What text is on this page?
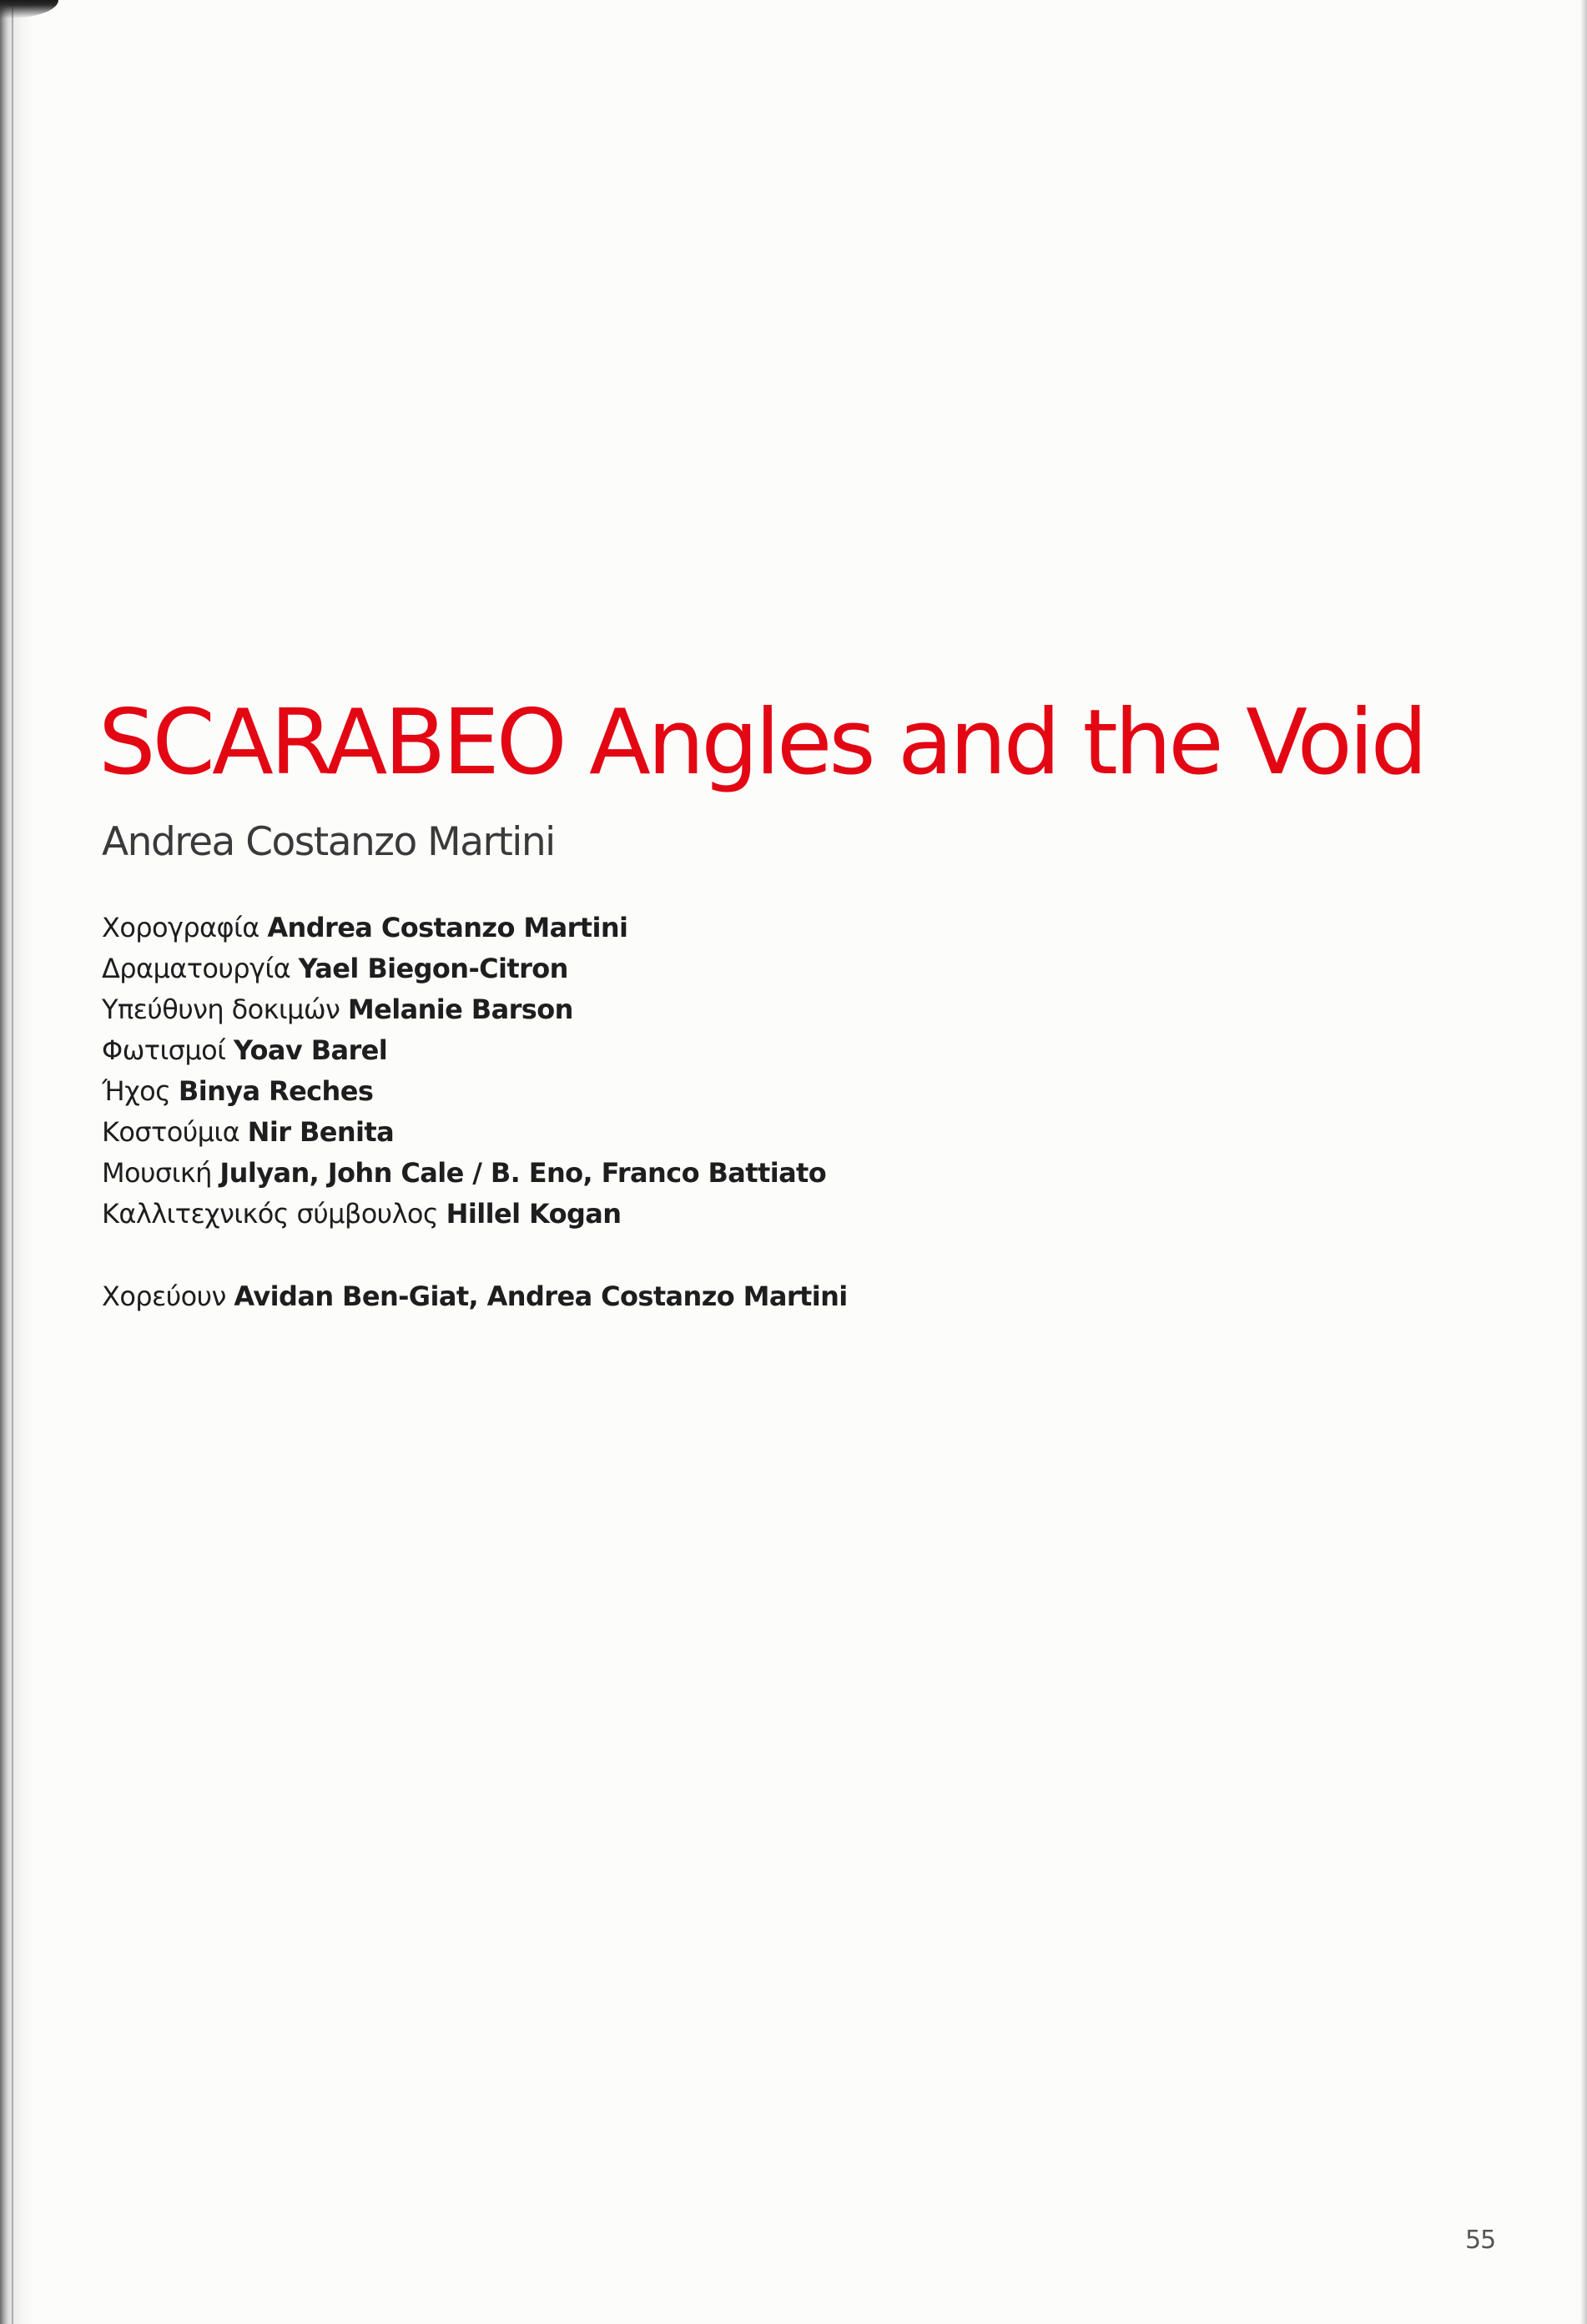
SCARABEO Angles and the Void
Andrea Costanzo Martini
Χορογραφία Andrea Costanzo Martini
Δραματουργία Yael Biegon-Citron
Υπεύθυνη δοκιμών Melanie Barson
Φωτισμοί Yoav Barel
Ήχος Binya Reches
Κοστούμια Nir Benita
Μουσική Julyan, John Cale / B. Eno, Franco Battiato
Καλλιτεχνικός σύμβουλος Hillel Kogan

Χορεύουν Avidan Ben-Giat, Andrea Costanzo Martini

55
